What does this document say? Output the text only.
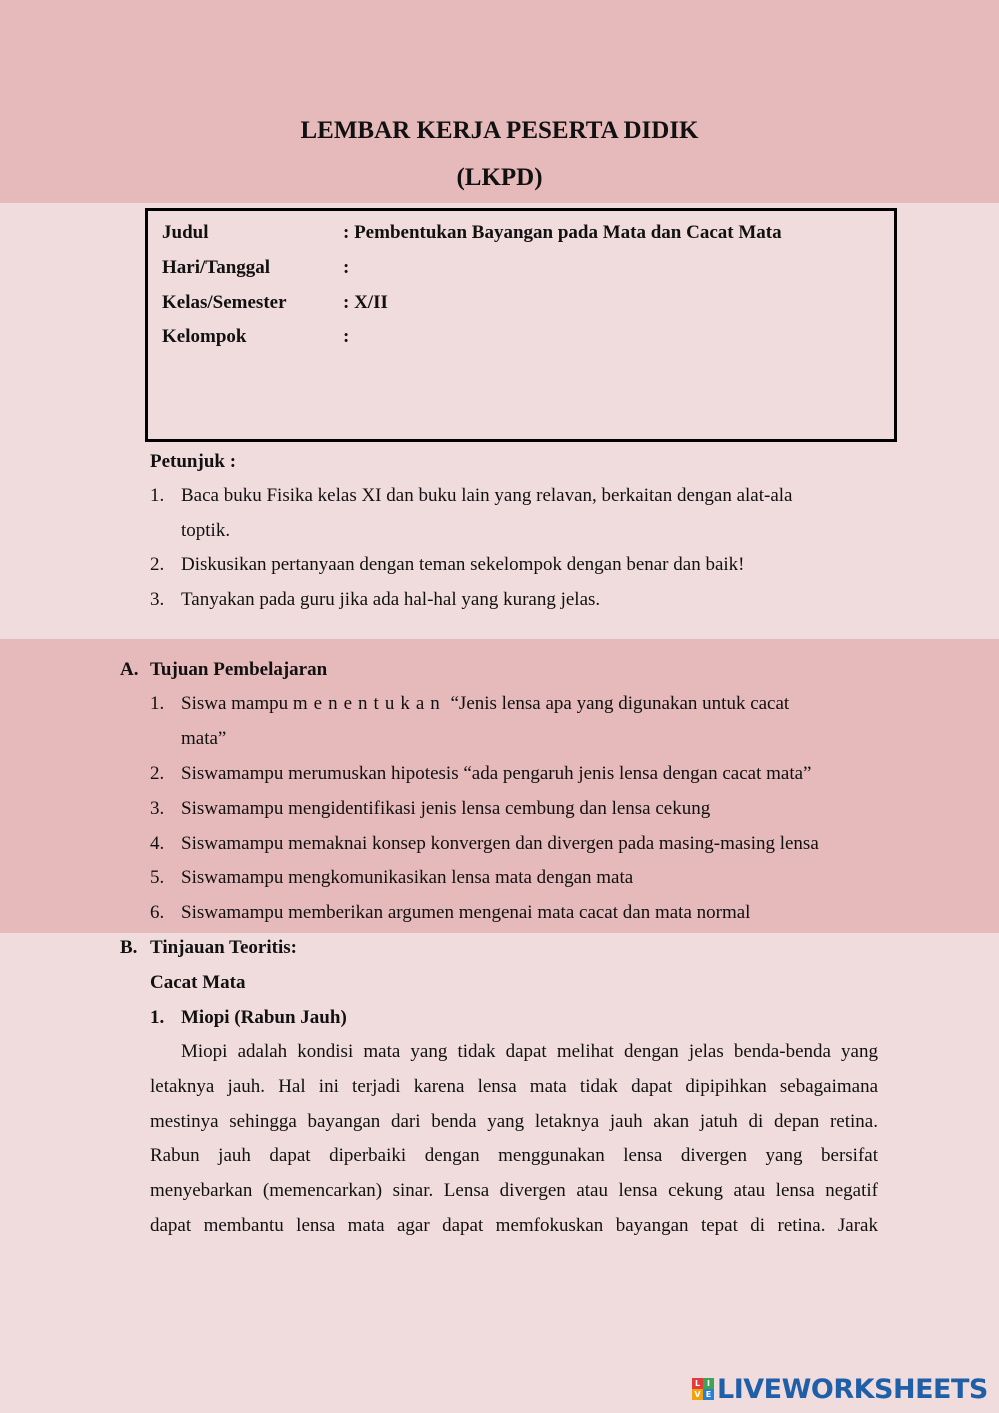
LEMBAR KERJA PESERTA DIDIK
(LKPD)
Judul	: Pembentukan Bayangan pada Mata dan Cacat Mata
Hari/Tanggal	:
Kelas/Semester	: X/II
Kelompok	:
Petunjuk :
1. Baca buku Fisika kelas XI dan buku lain yang relavan, berkaitan dengan alat-ala
toptik.
2. Diskusikan pertanyaan dengan teman sekelompok dengan benar dan baik!
3. Tanyakan pada guru jika ada hal-hal yang kurang jelas.
A. Tujuan Pembelajaran
1. Siswa mampu menentukan “Jenis lensa apa yang digunakan untuk cacat
mata”
2. Siswamampu merumuskan hipotesis “ada pengaruh jenis lensa dengan cacat mata”
3. Siswamampu mengidentifikasi jenis lensa cembung dan lensa cekung
4. Siswamampu memaknai konsep konvergen dan divergen pada masing-masing lensa
5. Siswamampu mengkomunikasikan lensa mata dengan mata
6. Siswamampu memberikan argumen mengenai mata cacat dan mata normal
B. Tinjauan Teoritis:
Cacat Mata
1. Miopi (Rabun Jauh)
Miopi adalah kondisi mata yang tidak dapat melihat dengan jelas benda-benda yang
letaknya jauh. Hal ini terjadi karena lensa mata tidak dapat dipipihkan sebagaimana
mestinya sehingga bayangan dari benda yang letaknya jauh akan jatuh di depan retina.
Rabun jauh dapat diperbaiki dengan menggunakan lensa divergen yang bersifat
menyebarkan (memencarkan) sinar. Lensa divergen atau lensa cekung atau lensa negatif
dapat membantu lensa mata agar dapat memfokuskan bayangan tepat di retina. Jarak
L I
V E LIVEWORKSHEETS
